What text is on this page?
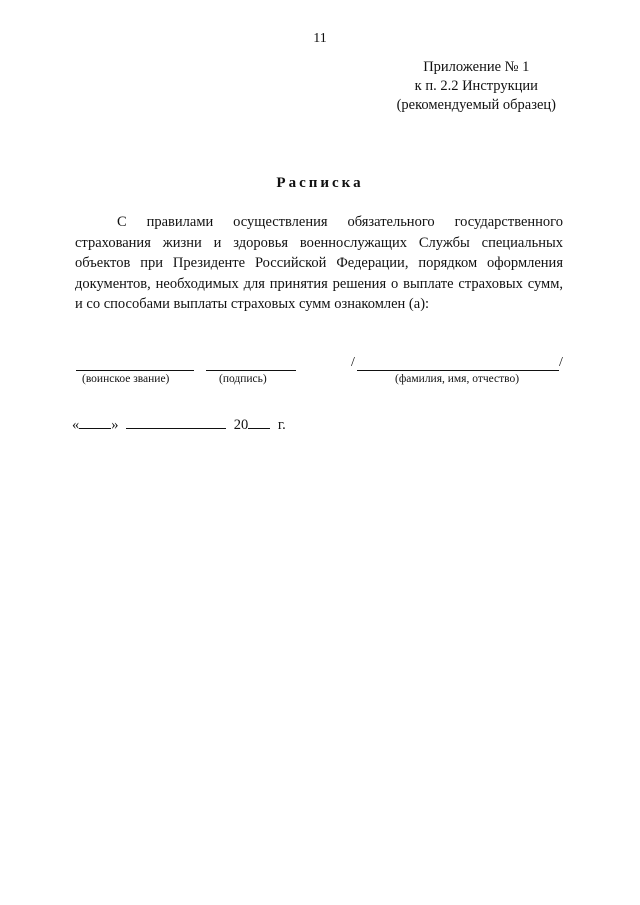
11
Приложение № 1
к п. 2.2 Инструкции
(рекомендуемый образец)
Расписка

С правилами осуществления обязательного государственного страхования жизни и здоровья военнослужащих Службы специальных объектов при Президенте Российской Федерации, порядком оформления документов, необходимых для принятия решения о выплате страховых сумм, и со способами выплаты страховых сумм ознакомлен (а):

/	/
(воинское звание)	(подпись)	(фамилия, имя, отчество)
« »	20 г.
